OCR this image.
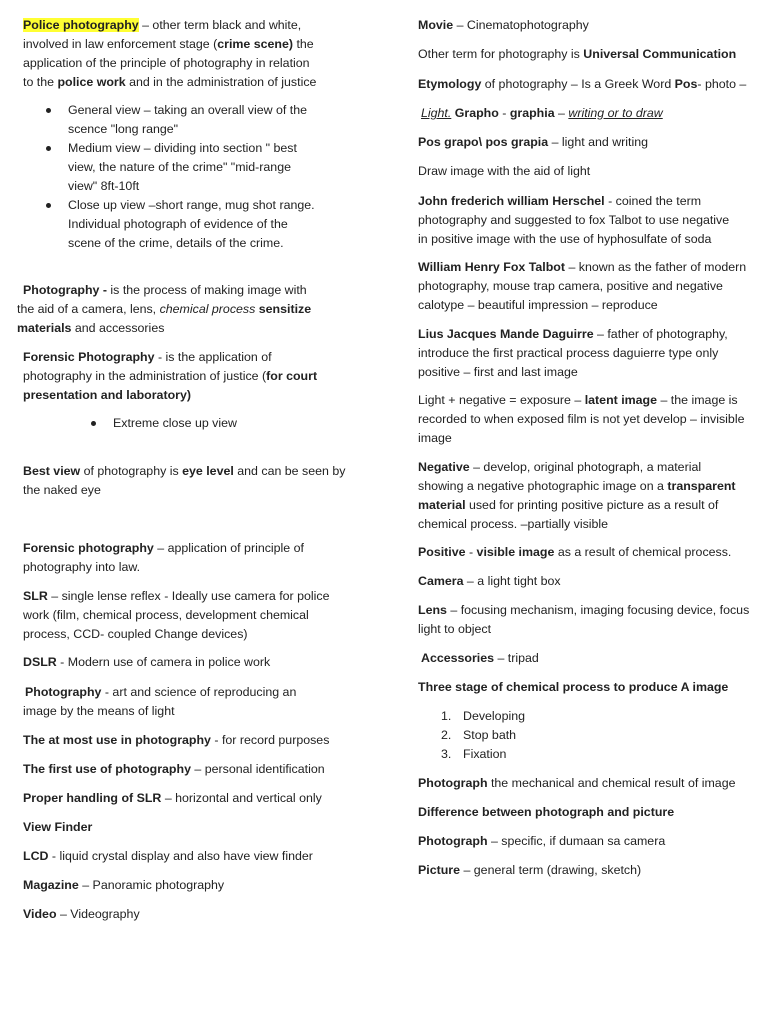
Police photography – other term black and white,
involved in law enforcement stage (crime scene) the
application of the principle of photography in relation
to the police work and in the administration of justice
General view – taking an overall view of the
scence "long range"
Medium view – dividing into section " best
view, the nature of the crime" "mid-range
view" 8ft-10ft
Close up view –short range, mug shot range.
Individual photograph of evidence of the
scene of the crime, details of the crime.
Photography - is the process of making image with
the aid of a camera, lens, chemical process sensitize
materials and accessories
Forensic Photography - is the application of
photography in the administration of justice (for court
presentation and laboratory)
Extreme close up view
Best view of photography is eye level and can be seen by
the naked eye
Forensic photography – application of principle of
photography into law.
SLR – single lense reflex - Ideally use camera for police
work (film, chemical process, development chemical
process, CCD- coupled Change devices)
DSLR - Modern use of camera in police work
Photography - art and science of reproducing an
image by the means of light
The at most use in photography - for record purposes
The first use of photography – personal identification
Proper handling of SLR – horizontal and vertical only
View Finder
LCD - liquid crystal display and also have view finder
Magazine – Panoramic photography
Video – Videography
Movie – Cinematophotography
Other term for photography is Universal Communication
Etymology of photography – Is a Greek Word Pos- photo –
Light. Grapho - graphia – writing or to draw
Pos grapo\ pos grapia – light and writing
Draw image with the aid of light
John frederich william Herschel - coined the term
photography and suggested to fox Talbot to use negative
in positive image with the use of hyphosulfate of soda
William Henry Fox Talbot – known as the father of modern
photography, mouse trap camera, positive and negative
calotype – beautiful impression – reproduce
Lius Jacques Mande Daguirre – father of photography,
introduce the first practical process daguierre type only
positive – first and last image
Light + negative = exposure – latent image – the image is
recorded to when exposed film is not yet develop – invisible
image
Negative – develop, original photograph, a material
showing a negative photographic image on a transparent
material used for printing positive picture as a result of
chemical process. –partially visible
Positive - visible image as a result of chemical process.
Camera – a light tight box
Lens – focusing mechanism, imaging focusing device, focus
light to object
Accessories – tripad
Three stage of chemical process to produce A image
1. Developing
2. Stop bath
3. Fixation
Photograph the mechanical and chemical result of image
Difference between photograph and picture
Photograph – specific, if dumaan sa camera
Picture – general term (drawing, sketch)
